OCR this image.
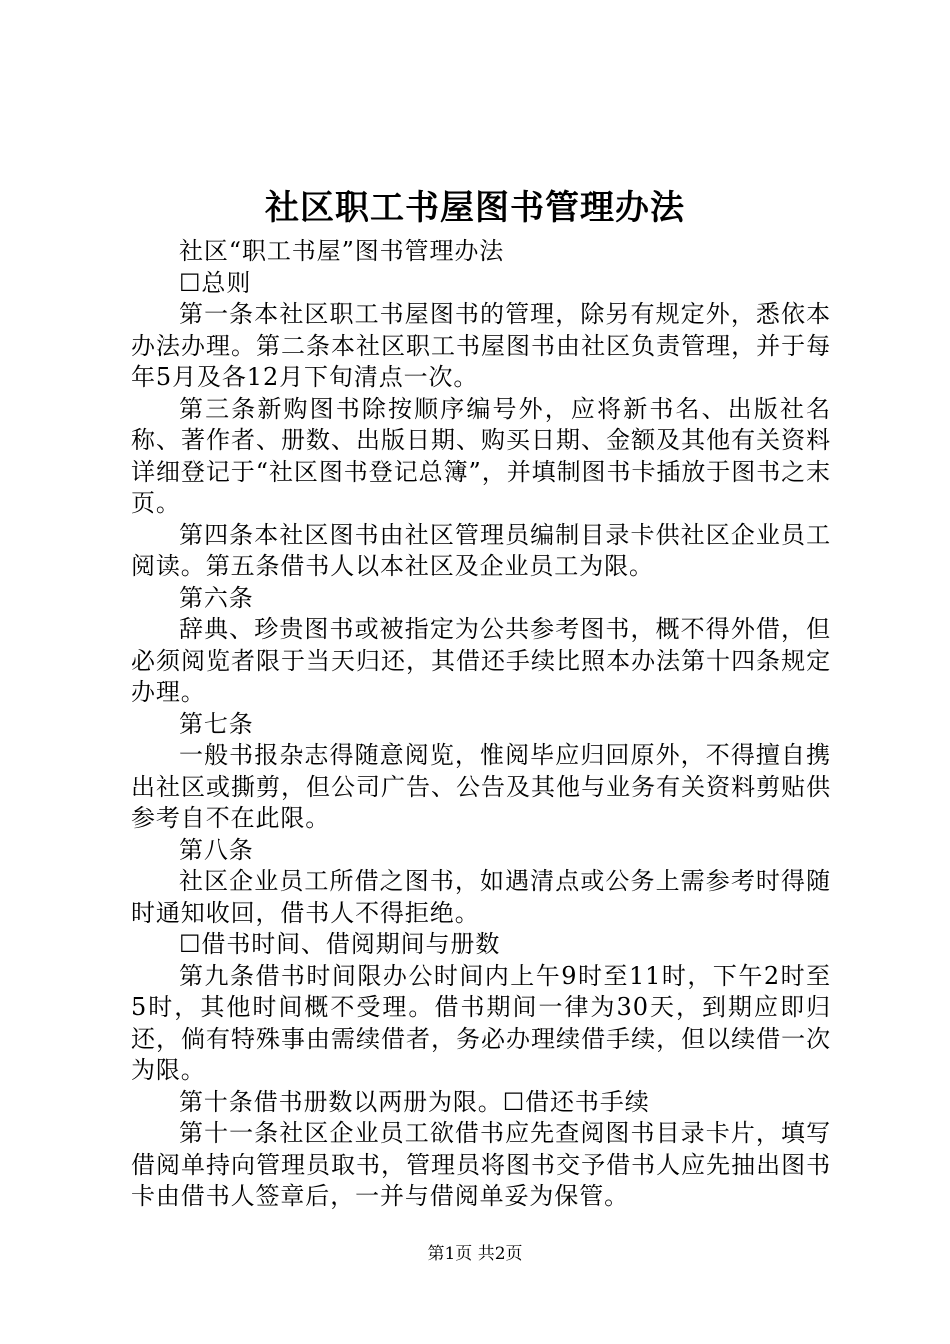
社区职工书屋图书管理办法

社区“职工书屋”图书管理办法

☐总则

第一条本社区职工书屋图书的管理，除另有规定外，悉依本办法办理。第二条本社区职工书屋图书由社区负责管理，并于每年5月及各12月下旬清点一次。

第三条新购图书除按顺序编号外，应将新书名、出版社名称、著作者、册数、出版日期、购买日期、金额及其他有关资料详细登记于“社区图书登记总簿”，并填制图书卡插放于图书之末页。

第四条本社区图书由社区管理员编制目录卡供社区企业员工阅读。第五条借书人以本社区及企业员工为限。

第六条

辞典、珍贵图书或被指定为公共参考图书，概不得外借，但必须阅览者限于当天归还，其借还手续比照本办法第十四条规定办理。

第七条

一般书报杂志得随意阅览，惟阅毕应归回原外，不得擅自携出社区或撕剪，但公司广告、公告及其他与业务有关资料剪贴供参考自不在此限。

第八条

社区企业员工所借之图书，如遇清点或公务上需参考时得随时通知收回，借书人不得拒绝。

☐借书时间、借阅期间与册数

第九条借书时间限办公时间内上午9时至11时，下午2时至5时，其他时间概不受理。借书期间一律为30天，到期应即归还，倘有特殊事由需续借者，务必办理续借手续，但以续借一次为限。

第十条借书册数以两册为限。☐借还书手续

第十一条社区企业员工欲借书应先查阅图书目录卡片，填写借阅单持向管理员取书，管理员将图书交予借书人应先抽出图书卡由借书人签章后，一并与借阅单妥为保管。

第1页 共2页
